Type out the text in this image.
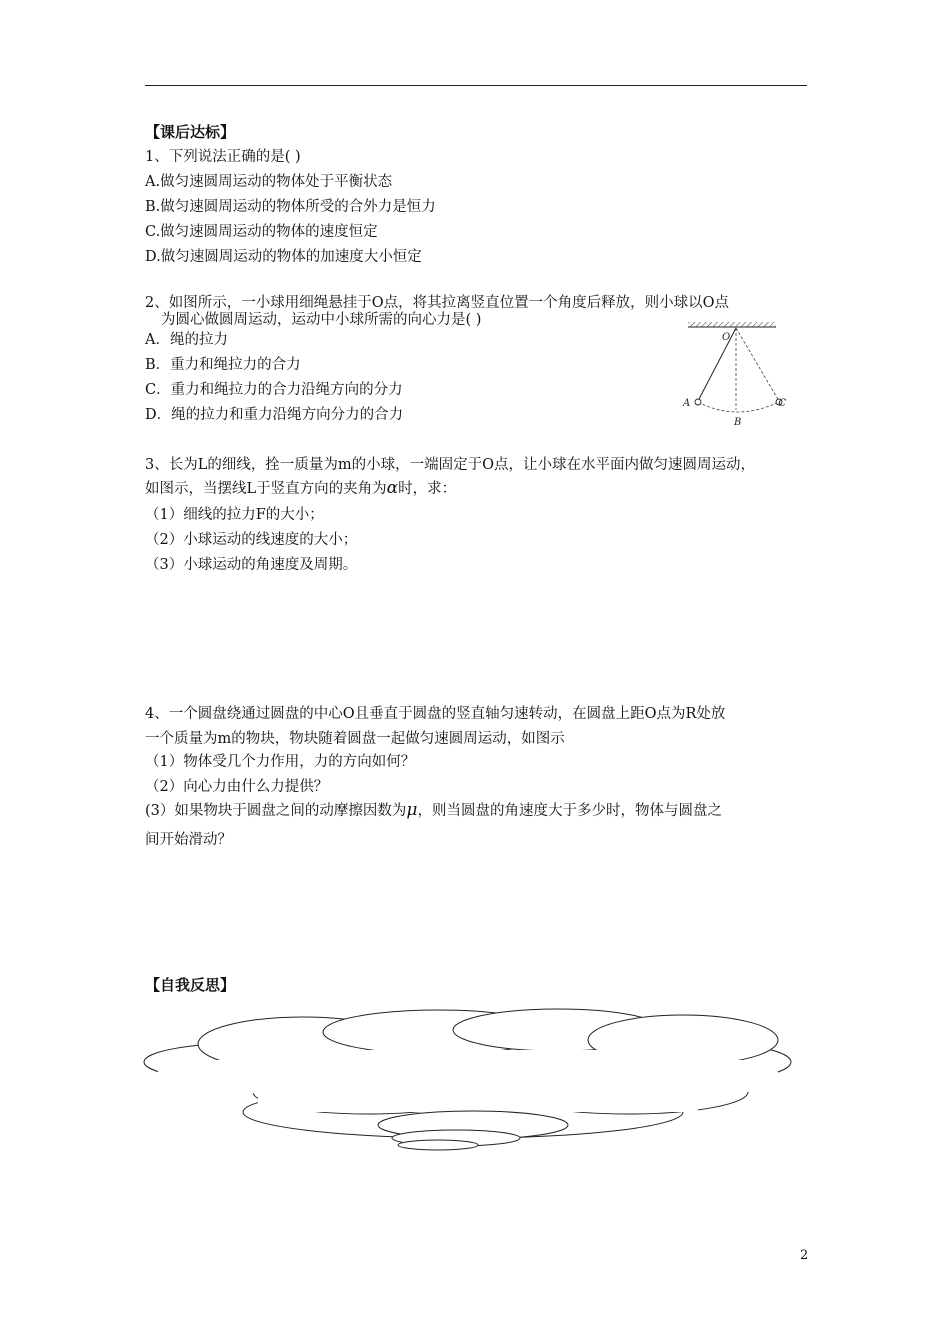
【课后达标】
1、下列说法正确的是( )
A.做匀速圆周运动的物体处于平衡状态
B.做匀速圆周运动的物体所受的合外力是恒力
C.做匀速圆周运动的物体的速度恒定
D.做匀速圆周运动的物体的加速度大小恒定
2、如图所示，一小球用细绳悬挂于O点，将其拉离竖直位置一个角度后释放，则小球以O点
为圆心做圆周运动，运动中小球所需的向心力是( )
A．绳的拉力
B．重力和绳拉力的合力
C．重力和绳拉力的合力沿绳方向的分力
D．绳的拉力和重力沿绳方向分力的合力
O
A
B
C
3、长为L的细线，拴一质量为m的小球，一端固定于O点，让小球在水平面内做匀速圆周运动，
如图示，当摆线L于竖直方向的夹角为α时，求：
（1）细线的拉力F的大小；
（2）小球运动的线速度的大小；
（3）小球运动的角速度及周期。
4、一个圆盘绕通过圆盘的中心O且垂直于圆盘的竖直轴匀速转动，在圆盘上距O点为R处放
一个质量为m的物块，物块随着圆盘一起做匀速圆周运动，如图示
（1）物体受几个力作用，力的方向如何？
（2）向心力由什么力提供？
(3）如果物块于圆盘之间的动摩擦因数为μ，则当圆盘的角速度大于多少时，物体与圆盘之
间开始滑动？
【自我反思】
2
